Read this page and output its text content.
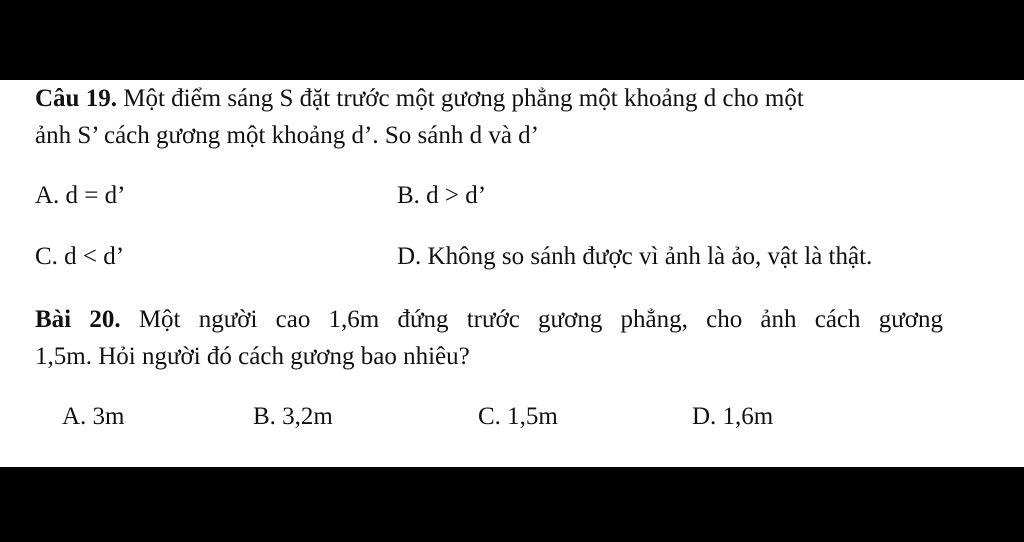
Câu 19. Một điểm sáng S đặt trước một gương phẳng một khoảng d cho một
ảnh S’ cách gương một khoảng d’. So sánh d và d’
A. d = d’	B. d > d’
C. d < d’	D. Không so sánh được vì ảnh là ảo, vật là thật.
Bài 20. Một người cao 1,6m đứng trước gương phẳng, cho ảnh cách gương
1,5m. Hỏi người đó cách gương bao nhiêu?
A. 3m	B. 3,2m	C. 1,5m	D. 1,6m
